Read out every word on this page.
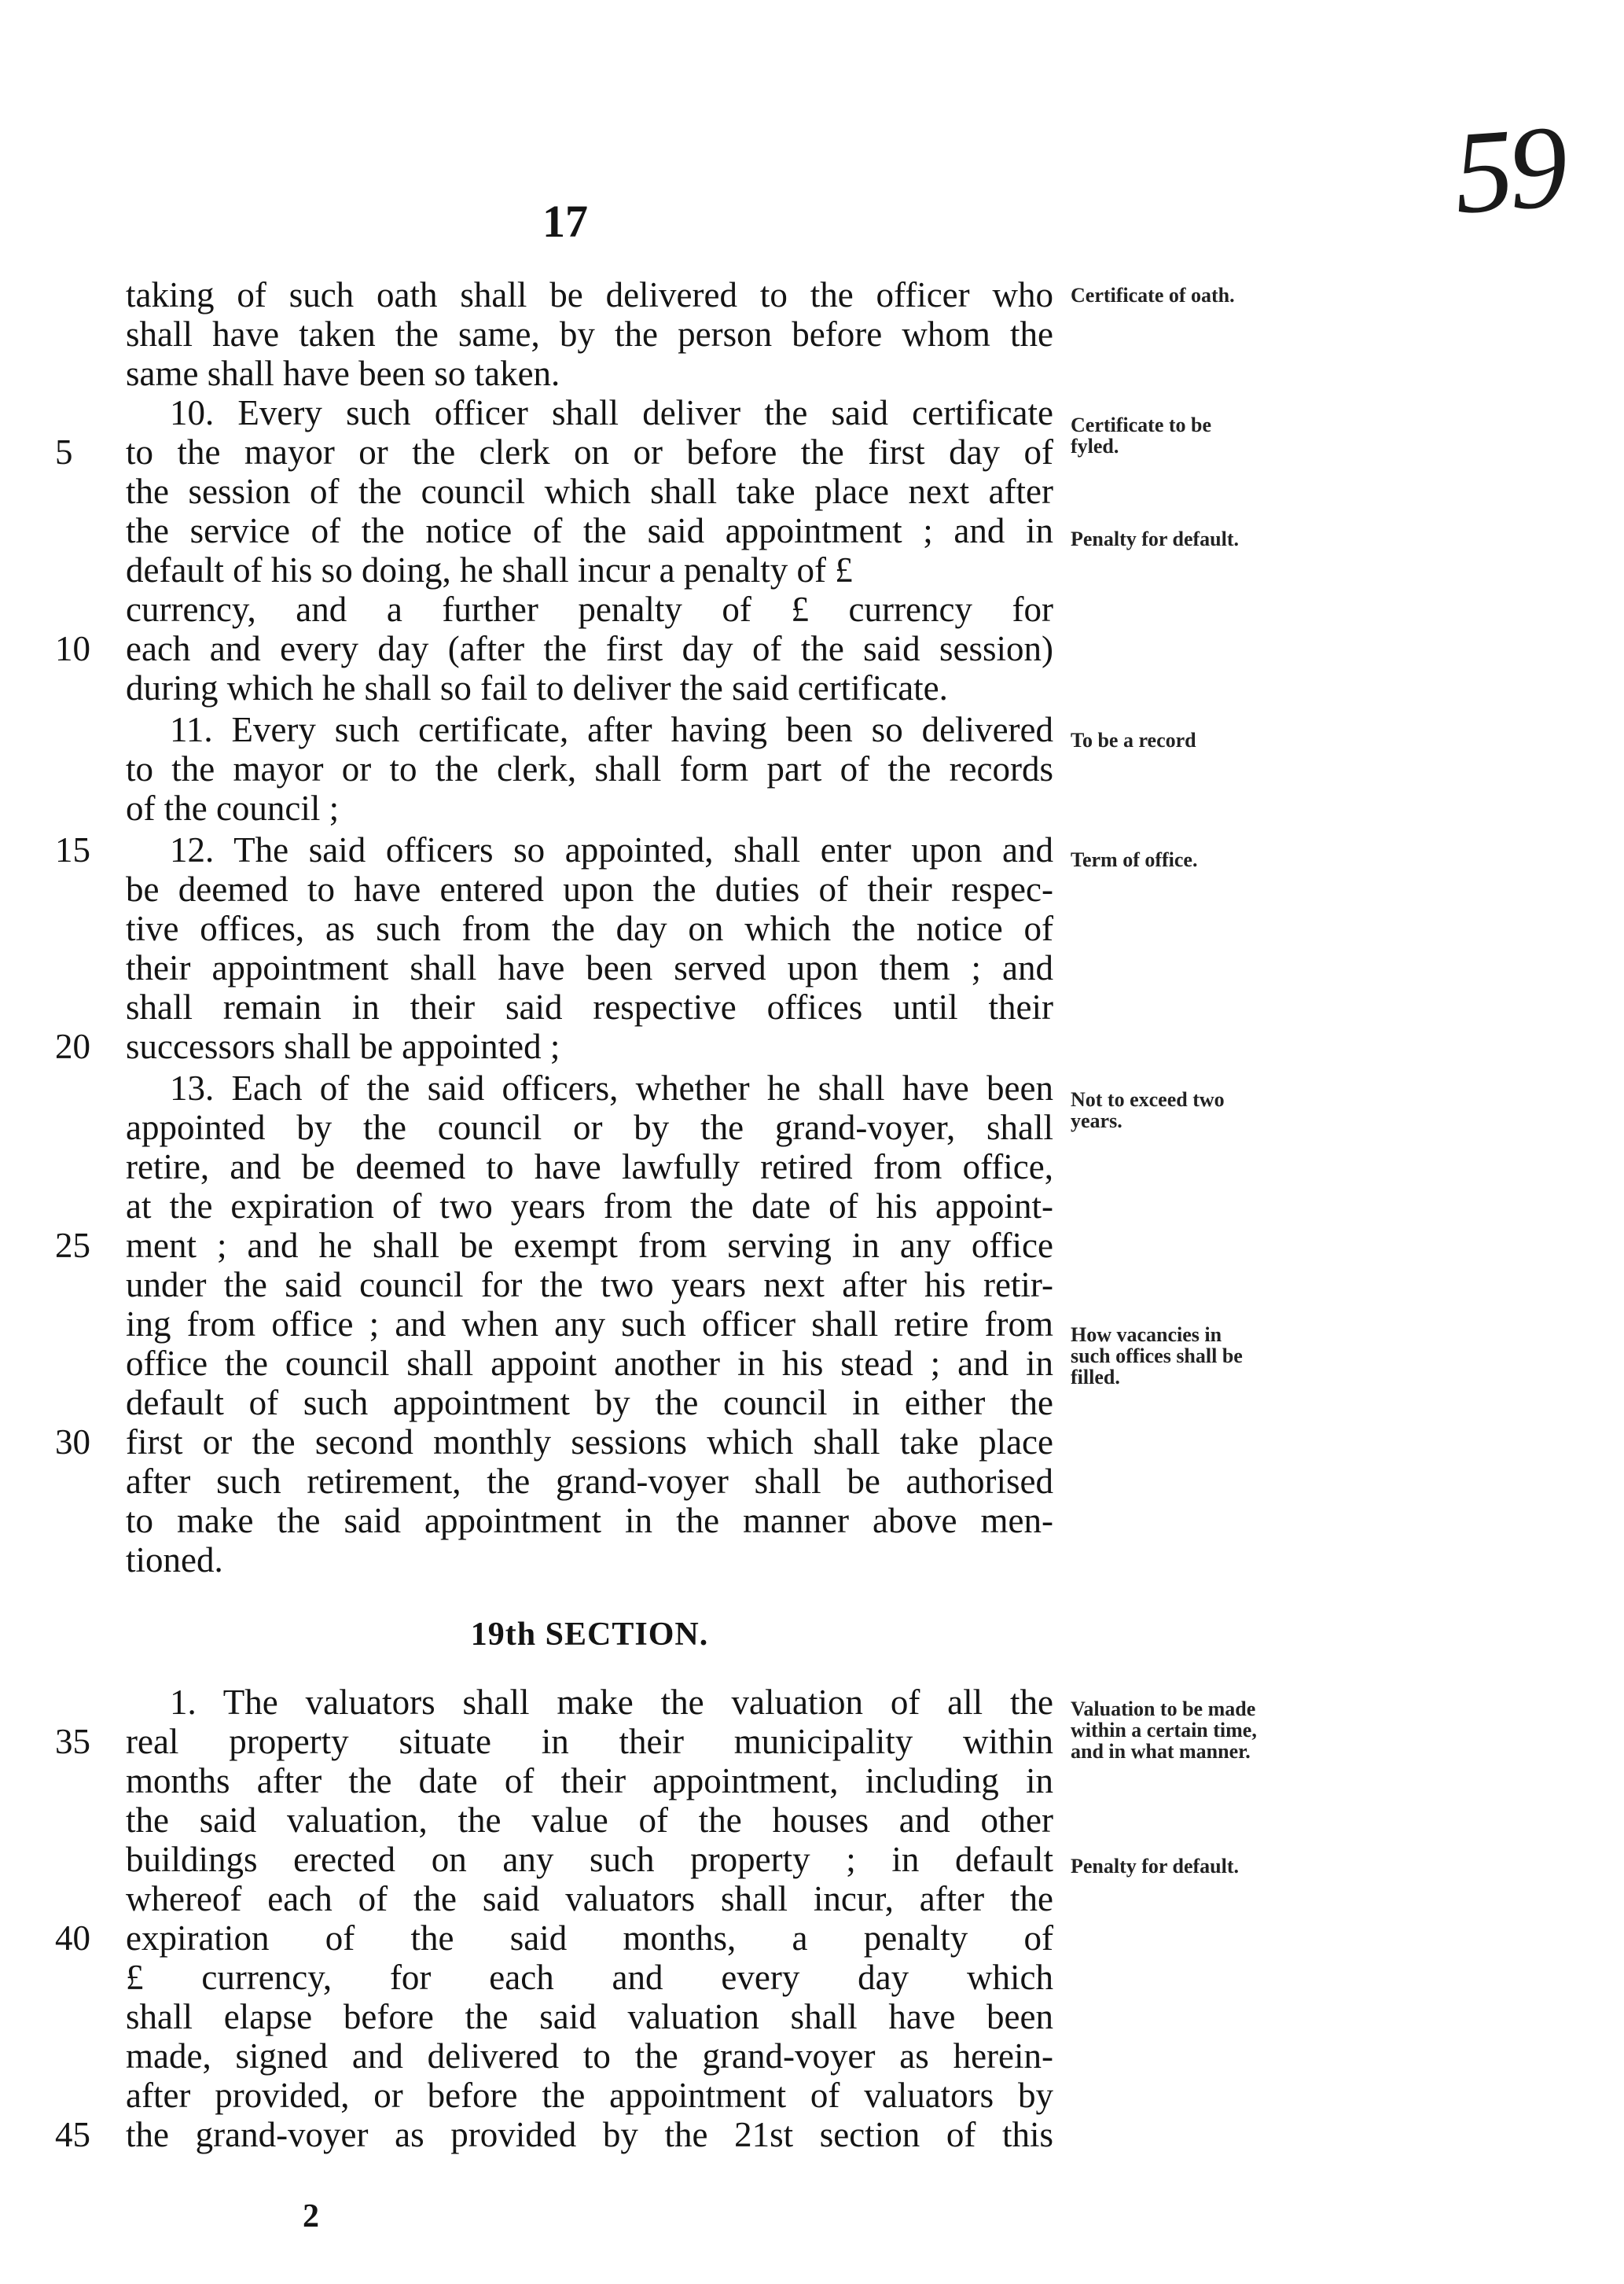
59
17
taking of such oath shall be delivered to the officer who
shall have taken the same, by the person before whom the
same shall have been so taken.
10. Every such officer shall deliver the said certificate
to the mayor or the clerk on or before the first day of
the session of the council which shall take place next after
the service of the notice of the said appointment ; and in
default of his so doing, he shall incur a penalty of £
currency, and a further penalty of £ currency for
each and every day (after the first day of the said session)
during which he shall so fail to deliver the said certificate.
11. Every such certificate, after having been so delivered
to the mayor or to the clerk, shall form part of the records
of the council ;
12. The said officers so appointed, shall enter upon and
be deemed to have entered upon the duties of their respec-
tive offices, as such from the day on which the notice of
their appointment shall have been served upon them ; and
shall remain in their said respective offices until their
successors shall be appointed ;
13. Each of the said officers, whether he shall have been
appointed by the council or by the grand-voyer, shall
retire, and be deemed to have lawfully retired from office,
at the expiration of two years from the date of his appoint-
ment ; and he shall be exempt from serving in any office
under the said council for the two years next after his retir-
ing from office ; and when any such officer shall retire from
office the council shall appoint another in his stead ; and in
default of such appointment by the council in either the
first or the second monthly sessions which shall take place
after such retirement, the grand-voyer shall be authorised
to make the said appointment in the manner above men-
tioned.
19th SECTION.
1. The valuators shall make the valuation of all the
real property situate in their municipality within
months after the date of their appointment, including in
the said valuation, the value of the houses and other
buildings erected on any such property ; in default
whereof each of the said valuators shall incur, after the
expiration of the said months, a penalty of
£ currency, for each and every day which
shall elapse before the said valuation shall have been
made, signed and delivered to the grand-voyer as herein-
after provided, or before the appointment of valuators by
the grand-voyer as provided by the 21st section of this
5
10
15
20
25
30
35
40
45
Certificate of oath.
Certificate to be fyled.
Penalty for default.
To be a record
Term of office.
Not to exceed two years.
How vacancies in such offices shall be filled.
Valuation to be made within a certain time, and in what manner.
Penalty for default.
2
